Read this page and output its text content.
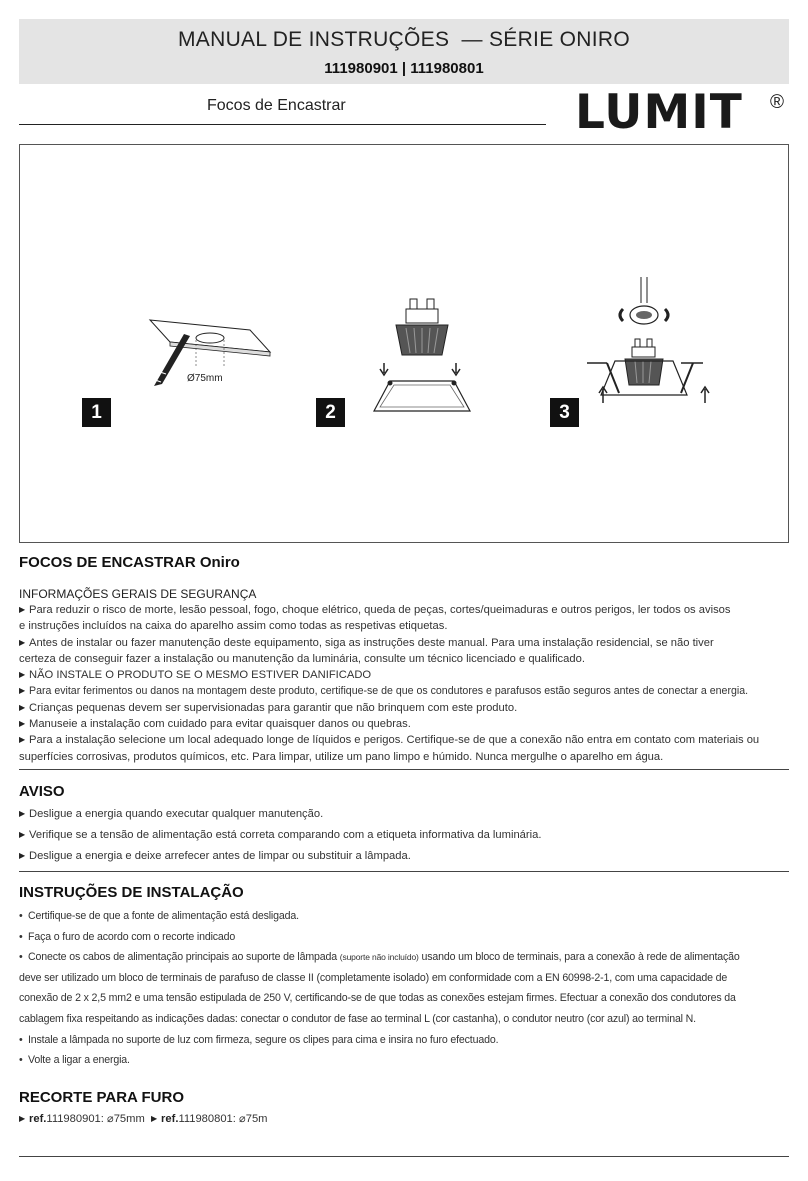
MANUAL DE INSTRUÇÕES  — SÉRIE ONIRO
111980901 | 111980801
Focos de Encastrar	LUMIT ®
Ø75mm
1	2	3
FOCOS DE ENCASTRAR Oniro
INFORMAÇÕES GERAIS DE SEGURANÇA
▶ Para reduzir o risco de morte, lesão pessoal, fogo, choque elétrico, queda de peças, cortes/queimaduras e outros perigos, ler todos os avisos
e instruções incluídos na caixa do aparelho assim como todas as respetivas etiquetas.
▶ Antes de instalar ou fazer manutenção deste equipamento, siga as instruções deste manual. Para uma instalação residencial, se não tiver
certeza de conseguir fazer a instalação ou manutenção da luminária, consulte um técnico licenciado e qualificado.
▶ NÃO INSTALE O PRODUTO SE O MESMO ESTIVER DANIFICADO
▶ Para evitar ferimentos ou danos na montagem deste produto, certifique-se de que os condutores e parafusos estão seguros antes de conectar a energia.
▶ Crianças pequenas devem ser supervisionadas para garantir que não brinquem com este produto.
▶ Manuseie a instalação com cuidado para evitar quaisquer danos ou quebras.
▶ Para a instalação selecione um local adequado longe de líquidos e perigos. Certifique-se de que a conexão não entra em contato com materiais ou
superfícies corrosivas, produtos químicos, etc. Para limpar, utilize um pano limpo e húmido. Nunca mergulhe o aparelho em água.
AVISO
▶ Desligue a energia quando executar qualquer manutenção.
▶ Verifique se a tensão de alimentação está correta comparando com a etiqueta informativa da luminária.
▶ Desligue a energia e deixe arrefecer antes de limpar ou substituir a lâmpada.
INSTRUÇÕES DE INSTALAÇÃO
• Certifique-se de que a fonte de alimentação está desligada.
• Faça o furo de acordo com o recorte indicado
• Conecte os cabos de alimentação principais ao suporte de lâmpada (suporte não incluído) usando um bloco de terminais, para a conexão à rede de alimentação
deve ser utilizado um bloco de terminais de parafuso de classe II (completamente isolado) em conformidade com a EN 60998-2-1, com uma capacidade de
conexão de 2 x 2,5 mm2 e uma tensão estipulada de 250 V, certificando-se de que todas as conexões estejam firmes. Efectuar a conexão dos condutores da
cablagem fixa respeitando as indicações dadas: conectar o condutor de fase ao terminal L (cor castanha), o condutor neutro (cor azul) ao terminal N.
• Instale a lâmpada no suporte de luz com firmeza, segure os clipes para cima e insira no furo efectuado.
• Volte a ligar a energia.
RECORTE PARA FURO
▶ ref.111980901: ⌀75mm ▶ ref.111980801: ⌀75m
